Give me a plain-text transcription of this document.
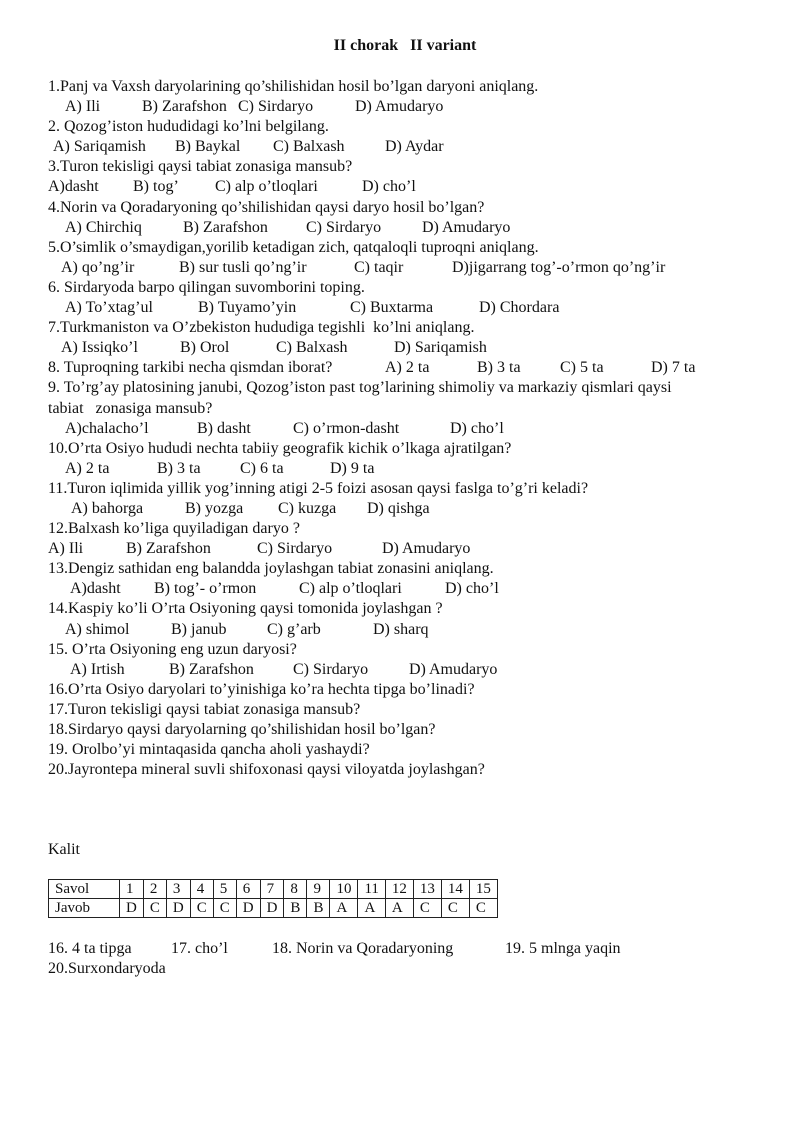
II chorak   II variant
1.Panj va Vaxsh daryolarining qo’shilishidan hosil bo’lgan daryoni aniqlang.
A) Ili	B) Zarafshon C) Sirdaryo	D) Amudaryo
2. Qozog’iston hududidagi ko’lni belgilang.
A) Sariqamish B) Baykal C) Balxash	D) Aydar
3.Turon tekisligi qaysi tabiat zonasiga mansub?
A)dasht B) tog’ C) alp o’tloqlari	D) cho’l
4.Norin va Qoradaryoning qo’shilishidan qaysi daryo hosil bo’lgan?
A) Chirchiq	B) Zarafshon C) Sirdaryo	D) Amudaryo
5.O’simlik o’smaydigan,yorilib ketadigan zich, qatqaloqli tuproqni aniqlang.
A) qo’ng’ir	B) sur tusli qo’ng’ir	C) taqir	D)jigarrang tog’-o’rmon qo’ng’ir
6. Sirdaryoda barpo qilingan suvomborini toping.
A) To’xtag’ul	B) Tuyamo’yin	C) Buxtarma	D) Chordara
7.Turkmaniston va O’zbekiston hududiga tegishli  ko’lni aniqlang.
A) Issiqko’l	B) Orol	C) Balxash	D) Sariqamish
8. Tuproqning tarkibi necha qismdan iborat?	A) 2 ta	B) 3 ta C) 5 ta	D) 7 ta
9. To’rg’ay platosining janubi, Qozog’iston past tog’larining shimoliy va markaziy qismlari qaysi
tabiat   zonasiga mansub?
A)chalacho’l	B) dasht	C) o’rmon-dasht	D) cho’l
10.O’rta Osiyo hududi nechta tabiiy geografik kichik o’lkaga ajratilgan?
A) 2 ta	B) 3 ta C) 6 ta	D) 9 ta
11.Turon iqlimida yillik yog’inning atigi 2-5 foizi asosan qaysi faslga to’g’ri keladi?
A) bahorga	B) yozga C) kuzga D) qishga
12.Balxash ko’liga quyiladigan daryo ?
A) Ili	B) Zarafshon	C) Sirdaryo	D) Amudaryo
13.Dengiz sathidan eng balandda joylashgan tabiat zonasini aniqlang.
A)dasht B) tog’- o’rmon	C) alp o’tloqlari	D) cho’l
14.Kaspiy ko’li O’rta Osiyoning qaysi tomonida joylashgan ?
A) shimol	B) janub	C) g’arb	D) sharq
15. O’rta Osiyoning eng uzun daryosi?
A) Irtish	B) Zarafshon C) Sirdaryo	D) Amudaryo
16.O’rta Osiyo daryolari to’yinishiga ko’ra hechta tipga bo’linadi?
17.Turon tekisligi qaysi tabiat zonasiga mansub?
18.Sirdaryo qaysi daryolarning qo’shilishidan hosil bo’lgan?
19. Orolbo’yi mintaqasida qancha aholi yashaydi?
20.Jayrontepa mineral suvli shifoxonasi qaysi viloyatda joylashgan?
Kalit
Savol	1	2	3	4	5	6	7	8	9	10	11	12	13	14	15
Javob	D	C	D	C	C	D	D	B	B	A	A	A	C	C	C
16. 4 ta tipga 17. cho’l	18. Norin va Qoradaryoning	19. 5 mlnga yaqin
20.Surxondaryoda
